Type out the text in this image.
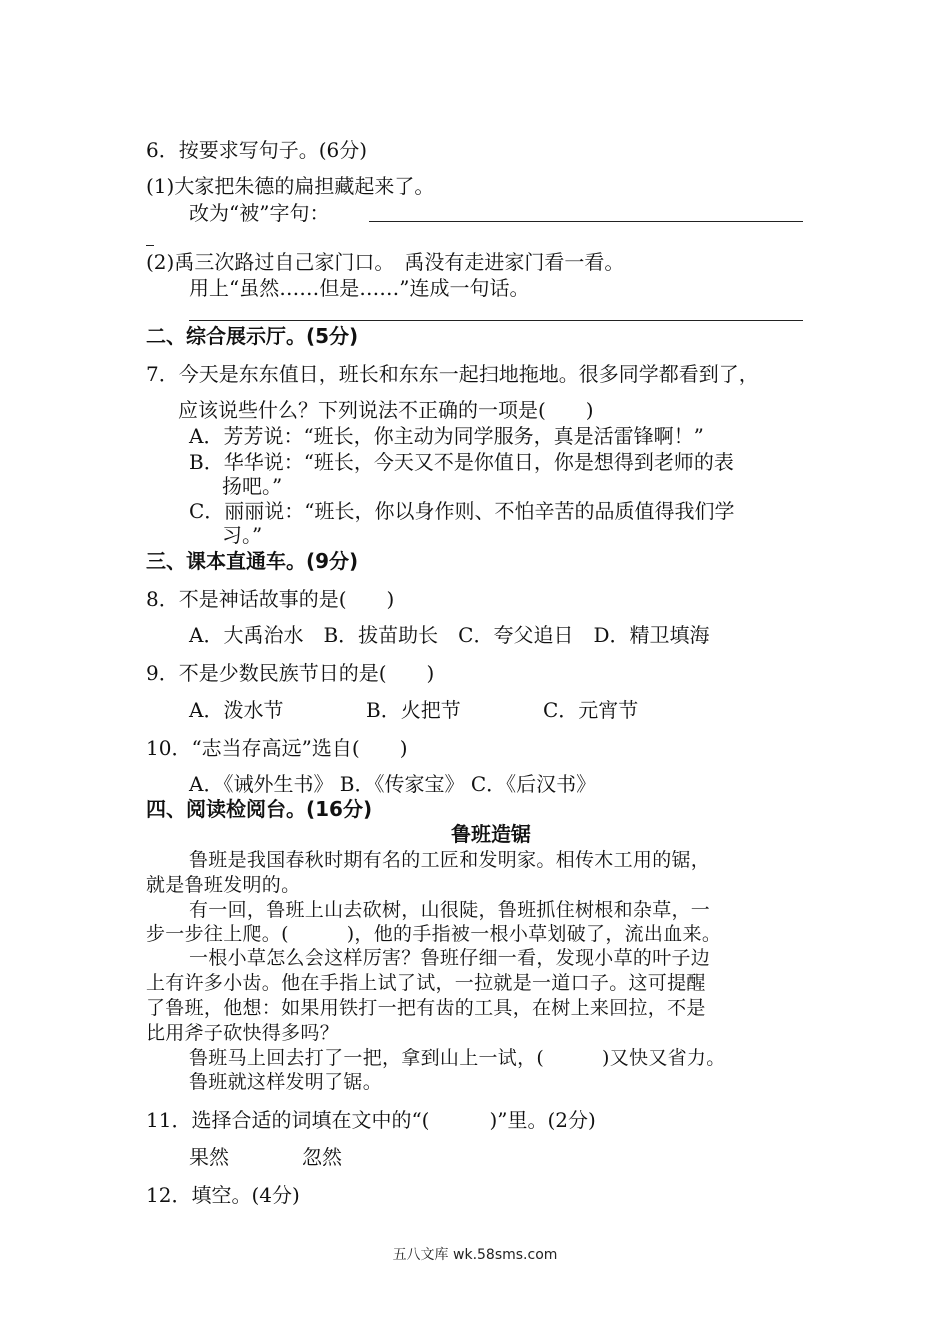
6．按要求写句子。(6分)
(1)大家把朱德的扁担藏起来了。
改为“被”字句：
(2)禹三次路过自己家门口。　禹没有走进家门看一看。
用上“虽然……但是……”连成一句话。
二、综合展示厅。(5分)
7．今天是东东值日，班长和东东一起扫地拖地。很多同学都看到了，
应该说些什么？下列说法不正确的一项是(　　)
A．芳芳说：“班长，你主动为同学服务，真是活雷锋啊！”
B．华华说：“班长，今天又不是你值日，你是想得到老师的表
扬吧。”
C．丽丽说：“班长，你以身作则、不怕辛苦的品质值得我们学
习。”
三、课本直通车。(9分)
8．不是神话故事的是(　　)
A．大禹治水　B．拔苗助长　C．夸父追日　D．精卫填海
9．不是少数民族节日的是(　　)
A．泼水节	B．火把节	C．元宵节
10．“志当存高远”选自(　　)
A．《诫外生书》 B．《传家宝》 C．《后汉书》
四、阅读检阅台。(16分)
鲁班造锯
鲁班是我国春秋时期有名的工匠和发明家。相传木工用的锯，
就是鲁班发明的。
有一回，鲁班上山去砍树，山很陡，鲁班抓住树根和杂草，一
步一步往上爬。(　　　)，他的手指被一根小草划破了，流出血来。
一根小草怎么会这样厉害？鲁班仔细一看，发现小草的叶子边
上有许多小齿。他在手指上试了试，一拉就是一道口子。这可提醒
了鲁班，他想：如果用铁打一把有齿的工具，在树上来回拉，不是
比用斧子砍快得多吗？
鲁班马上回去打了一把，拿到山上一试，(　　　)又快又省力。
鲁班就这样发明了锯。
11．选择合适的词填在文中的“(　　　)”里。(2分)
果然	忽然
12．填空。(4分)
五八文库 wk.58sms.com
